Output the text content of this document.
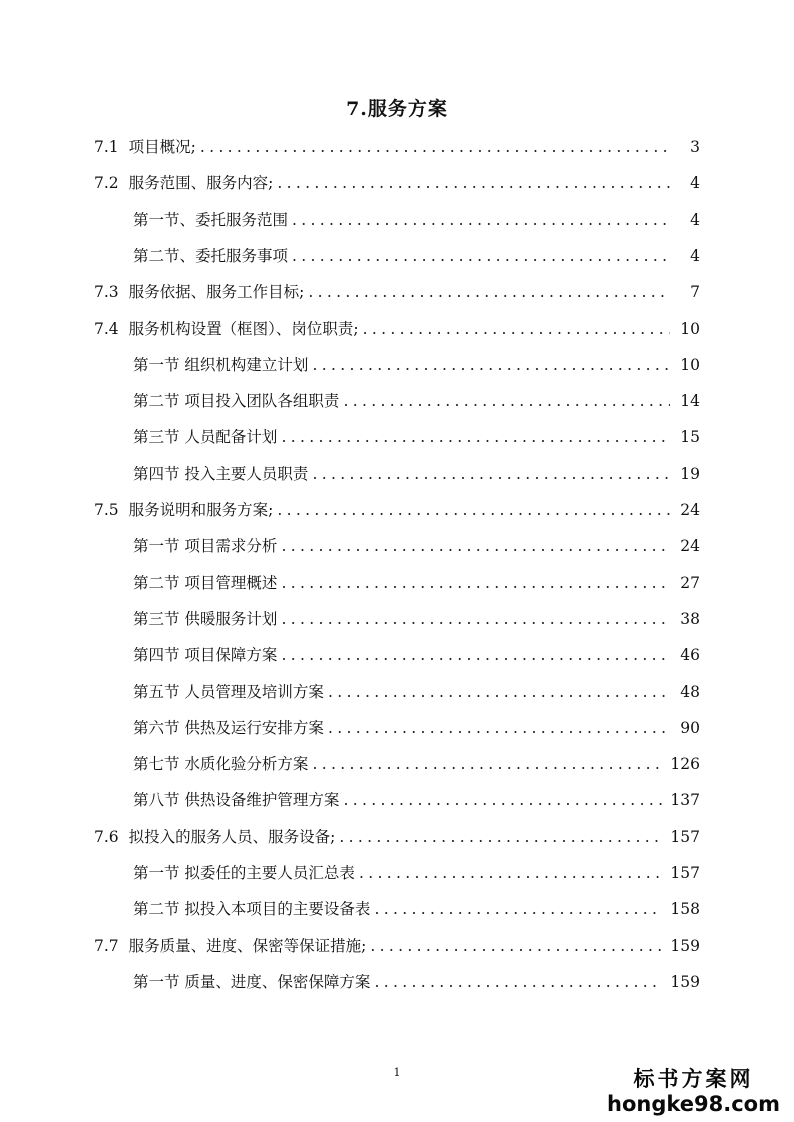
7.服务方案
7.1 项目概况; . . .	3
7.2 服务范围、服务内容; . . .	4
第一节、委托服务范围 . . .	4
第二节、委托服务事项 . . .	4
7.3 服务依据、服务工作目标; . . .	7
7.4 服务机构设置（框图）、岗位职责; . . .	10
第一节 组织机构建立计划 . . .	10
第二节 项目投入团队各组职责 . . .	14
第三节 人员配备计划 . . .	15
第四节 投入主要人员职责 . . .	19
7.5 服务说明和服务方案; . . .	24
第一节 项目需求分析 . . .	24
第二节 项目管理概述 . . .	27
第三节 供暖服务计划 . . .	38
第四节 项目保障方案 . . .	46
第五节 人员管理及培训方案 . . .	48
第六节 供热及运行安排方案 . . .	90
第七节 水质化验分析方案 . . .	126
第八节 供热设备维护管理方案 . . .	137
7.6 拟投入的服务人员、服务设备; . . .	157
第一节 拟委任的主要人员汇总表 . . .	157
第二节 拟投入本项目的主要设备表 . . .	158
7.7 服务质量、进度、保密等保证措施; . . .	159
第一节 质量、进度、保密保障方案 . . .	159
1	标书方案网
hongke98.com
